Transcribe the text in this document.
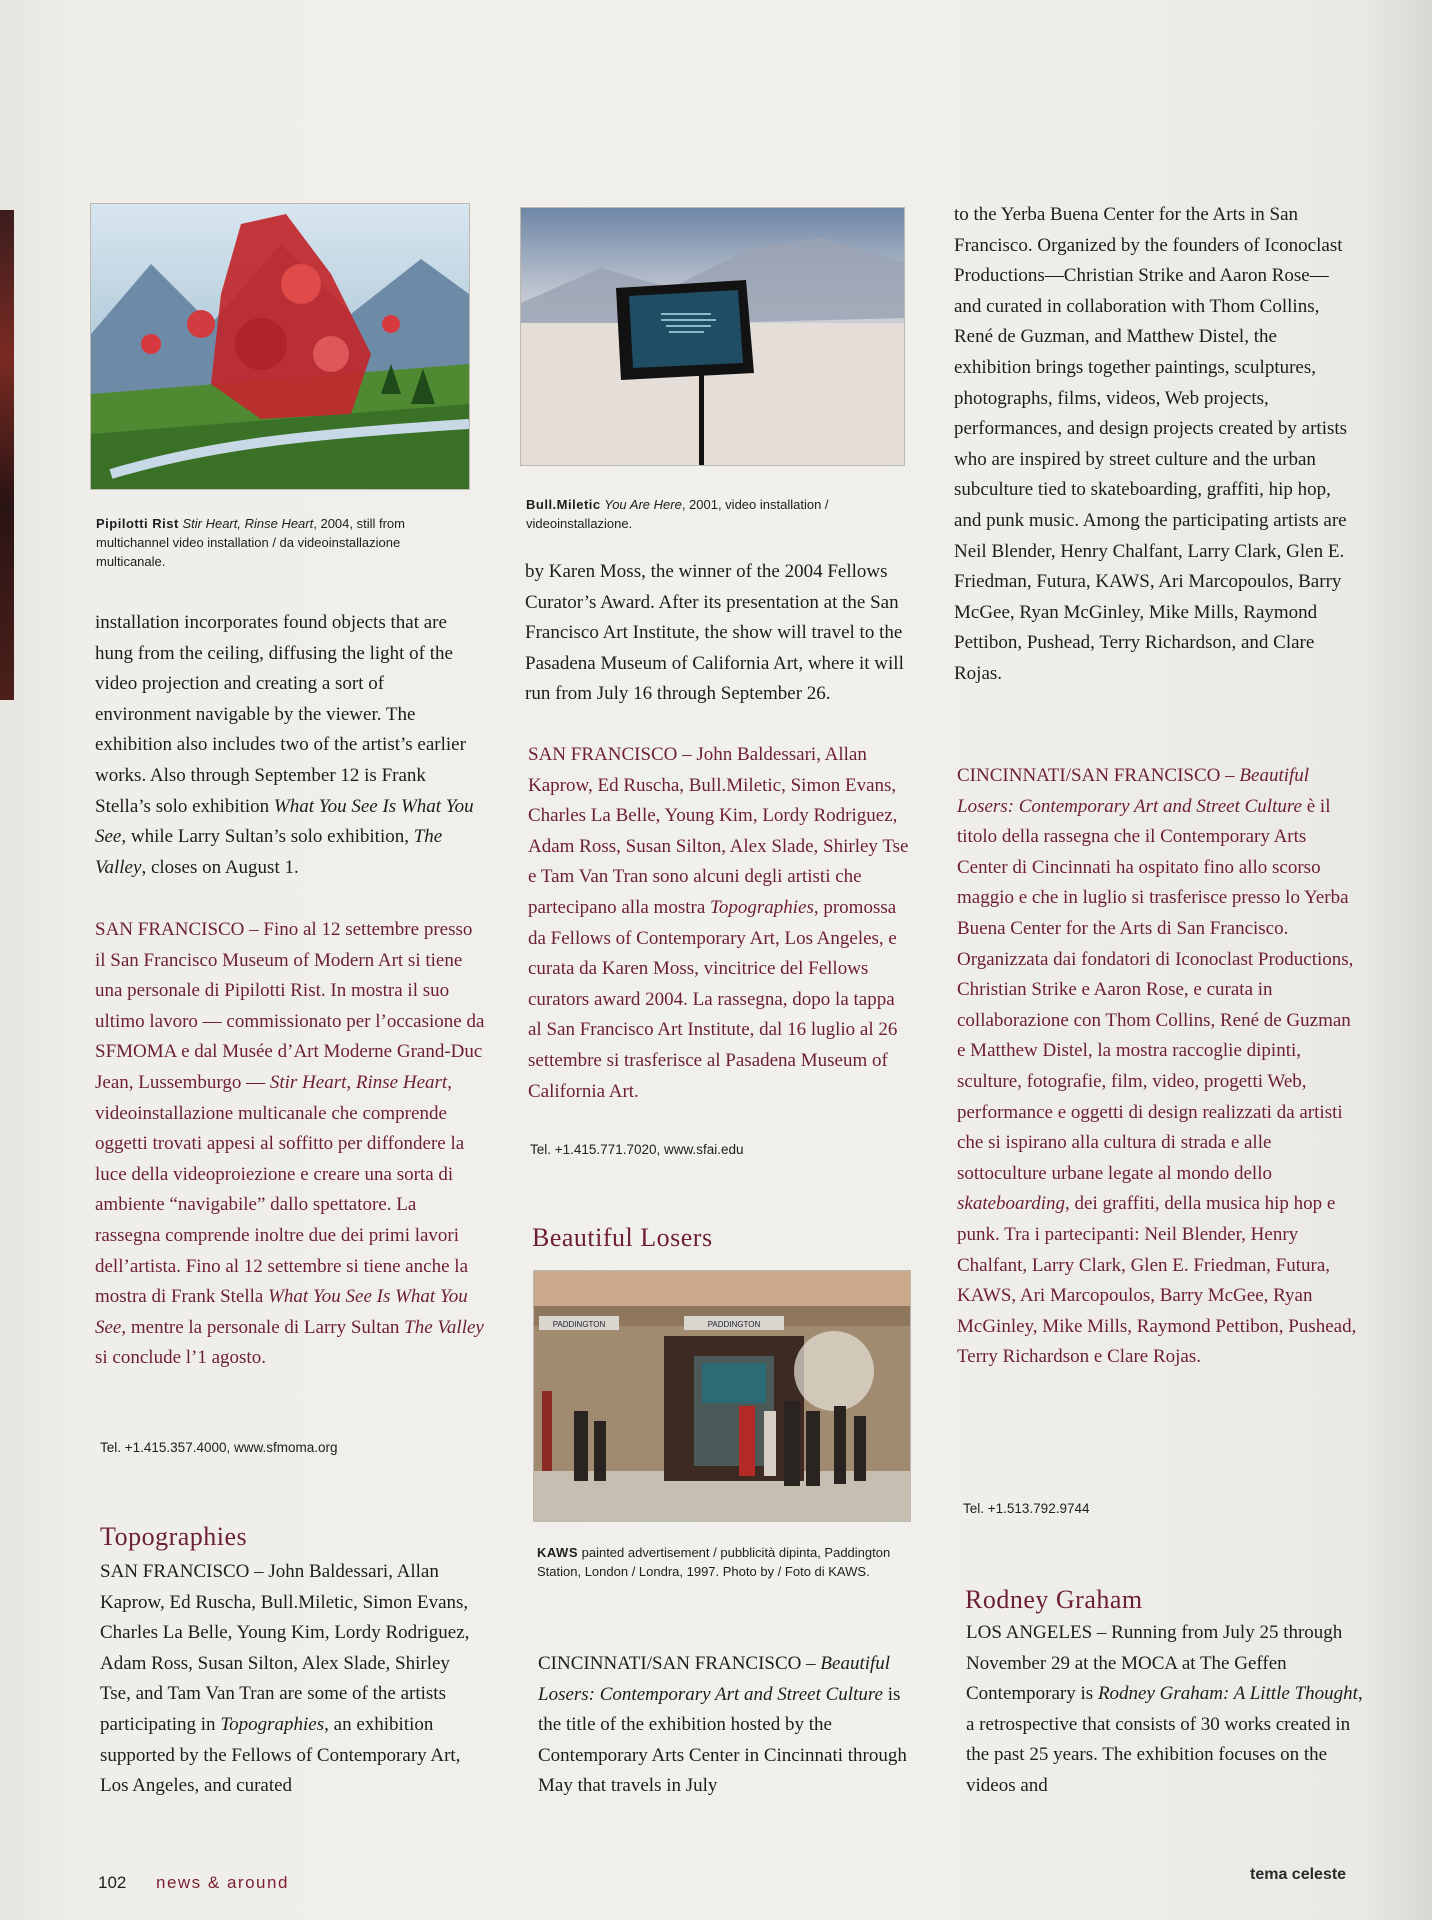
Pipilotti Rist Stir Heart, Rinse Heart, 2004, still from multichannel video installation / da videoinstallazione multicanale.

installation incorporates found objects that are hung from the ceiling, diffusing the light of the video projection and creating a sort of environment navigable by the viewer. The exhibition also includes two of the artist’s earlier works. Also through September 12 is Frank Stella’s solo exhibition What You See Is What You See, while Larry Sultan’s solo exhibition, The Valley, closes on August 1.

SAN FRANCISCO – Fino al 12 settembre presso il San Francisco Museum of Modern Art si tiene una personale di Pipilotti Rist. In mostra il suo ultimo lavoro — commissionato per l’occasione da SFMOMA e dal Musée d’Art Moderne Grand-Duc Jean, Lussemburgo — Stir Heart, Rinse Heart, videoinstallazione multicanale che comprende oggetti trovati appesi al soffitto per diffondere la luce della videoproiezione e creare una sorta di ambiente “navigabile” dallo spettatore. La rassegna comprende inoltre due dei primi lavori dell’artista. Fino al 12 settembre si tiene anche la mostra di Frank Stella What You See Is What You See, mentre la personale di Larry Sultan The Valley si conclude l’1 agosto.

Tel. +1.415.357.4000, www.sfmoma.org
Topographies

SAN FRANCISCO – John Baldessari, Allan Kaprow, Ed Ruscha, Bull.Miletic, Simon Evans, Charles La Belle, Young Kim, Lordy Rodriguez, Adam Ross, Susan Silton, Alex Slade, Shirley Tse, and Tam Van Tran are some of the artists participating in Topographies, an exhibition supported by the Fellows of Contemporary Art, Los Angeles, and curated

Bull.Miletic You Are Here, 2001, video installation / videoinstallazione.

by Karen Moss, the winner of the 2004 Fellows Curator’s Award. After its presentation at the San Francisco Art Institute, the show will travel to the Pasadena Museum of California Art, where it will run from July 16 through September 26.

SAN FRANCISCO – John Baldessari, Allan Kaprow, Ed Ruscha, Bull.Miletic, Simon Evans, Charles La Belle, Young Kim, Lordy Rodriguez, Adam Ross, Susan Silton, Alex Slade, Shirley Tse e Tam Van Tran sono alcuni degli artisti che partecipano alla mostra Topographies, promossa da Fellows of Contemporary Art, Los Angeles, e curata da Karen Moss, vincitrice del Fellows curators award 2004. La rassegna, dopo la tappa al San Francisco Art Institute, dal 16 luglio al 26 settembre si trasferisce al Pasadena Museum of California Art.

Tel. +1.415.771.7020, www.sfai.edu
Beautiful Losers
PADDINGTON	PADDINGTON
KAWS painted advertisement / pubblicità dipinta, Paddington Station, London / Londra, 1997. Photo by / Foto di KAWS.

CINCINNATI/SAN FRANCISCO – Beautiful Losers: Contemporary Art and Street Culture is the title of the exhibition hosted by the Contemporary Arts Center in Cincinnati through May that travels in July

to the Yerba Buena Center for the Arts in San Francisco. Organized by the founders of Iconoclast Productions—Christian Strike and Aaron Rose—and curated in collaboration with Thom Collins, René de Guzman, and Matthew Distel, the exhibition brings together paintings, sculptures, photographs, films, videos, Web projects, performances, and design projects created by artists who are inspired by street culture and the urban subculture tied to skateboarding, graffiti, hip hop, and punk music. Among the participating artists are Neil Blender, Henry Chalfant, Larry Clark, Glen E. Friedman, Futura, KAWS, Ari Marcopoulos, Barry McGee, Ryan McGinley, Mike Mills, Raymond Pettibon, Pushead, Terry Richardson, and Clare Rojas.

CINCINNATI/SAN FRANCISCO – Beautiful Losers: Contemporary Art and Street Culture è il titolo della rassegna che il Contemporary Arts Center di Cincinnati ha ospitato fino allo scorso maggio e che in luglio si trasferisce presso lo Yerba Buena Center for the Arts di San Francisco. Organizzata dai fondatori di Iconoclast Productions, Christian Strike e Aaron Rose, e curata in collaborazione con Thom Collins, René de Guzman e Matthew Distel, la mostra raccoglie dipinti, sculture, fotografie, film, video, progetti Web, performance e oggetti di design realizzati da artisti che si ispirano alla cultura di strada e alle sottoculture urbane legate al mondo dello skateboarding, dei graffiti, della musica hip hop e punk. Tra i partecipanti: Neil Blender, Henry Chalfant, Larry Clark, Glen E. Friedman, Futura, KAWS, Ari Marcopoulos, Barry McGee, Ryan McGinley, Mike Mills, Raymond Pettibon, Pushead, Terry Richardson e Clare Rojas.

Tel. +1.513.792.9744
Rodney Graham

LOS ANGELES – Running from July 25 through November 29 at the MOCA at The Geffen Contemporary is Rodney Graham: A Little Thought, a retrospective that consists of 30 works created in the past 25 years. The exhibition focuses on the videos and

102 news & around	tema celeste
